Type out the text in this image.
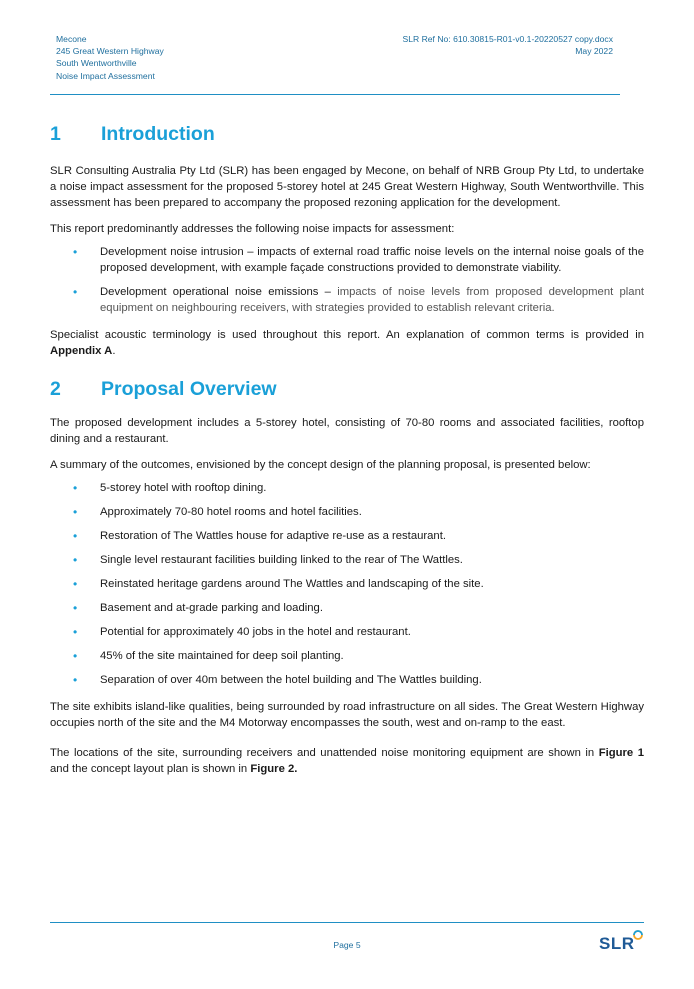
Mecone
245 Great Western Highway
South Wentworthville
Noise Impact Assessment
SLR Ref No: 610.30815-R01-v0.1-20220527 copy.docx
May 2022
1	Introduction

SLR Consulting Australia Pty Ltd (SLR) has been engaged by Mecone, on behalf of NRB Group Pty Ltd, to undertake a noise impact assessment for the proposed 5-storey hotel at 245 Great Western Highway, South Wentworthville. This assessment has been prepared to accompany the proposed rezoning application for the development.

This report predominantly addresses the following noise impacts for assessment:

• Development noise intrusion – impacts of external road traffic noise levels on the internal noise goals of the proposed development, with example façade constructions provided to demonstrate viability.
• Development operational noise emissions – impacts of noise levels from proposed development plant equipment on neighbouring receivers, with strategies provided to establish relevant criteria.

Specialist acoustic terminology is used throughout this report. An explanation of common terms is provided in Appendix A.

2	Proposal Overview

The proposed development includes a 5-storey hotel, consisting of 70-80 rooms and associated facilities, rooftop dining and a restaurant.

A summary of the outcomes, envisioned by the concept design of the planning proposal, is presented below:

• 5-storey hotel with rooftop dining.
• Approximately 70-80 hotel rooms and hotel facilities.
• Restoration of The Wattles house for adaptive re-use as a restaurant.
• Single level restaurant facilities building linked to the rear of The Wattles.
• Reinstated heritage gardens around The Wattles and landscaping of the site.
• Basement and at-grade parking and loading.
• Potential for approximately 40 jobs in the hotel and restaurant.
• 45% of the site maintained for deep soil planting.
• Separation of over 40m between the hotel building and The Wattles building.

The site exhibits island-like qualities, being surrounded by road infrastructure on all sides. The Great Western Highway occupies north of the site and the M4 Motorway encompasses the south, west and on-ramp to the east.

The locations of the site, surrounding receivers and unattended noise monitoring equipment are shown in Figure 1 and the concept layout plan is shown in Figure 2.

Page 5	SLR
